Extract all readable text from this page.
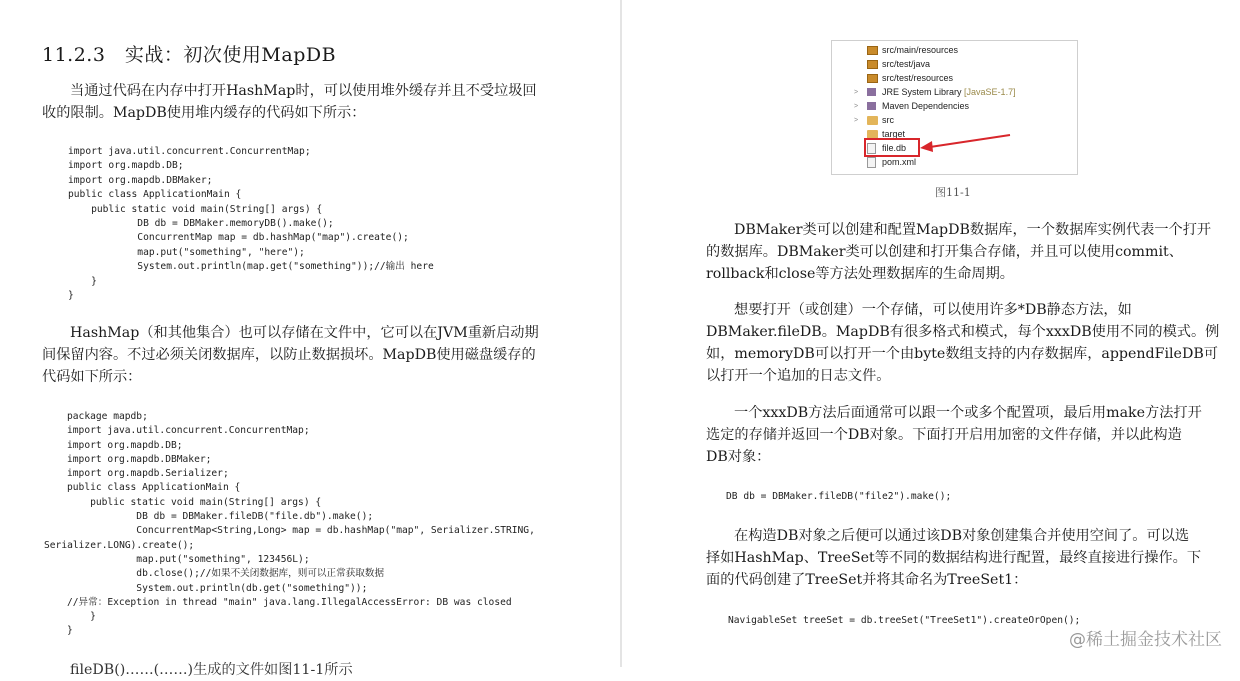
11.2.3　实战：初次使用MapDB
当通过代码在内存中打开HashMap时，可以使用堆外缓存并且不受垃圾回
收的限制。MapDB使用堆内缓存的代码如下所示：
import java.util.concurrent.ConcurrentMap;
import org.mapdb.DB;
import org.mapdb.DBMaker;
public class ApplicationMain {
public static void main(String[] args) {
DB db = DBMaker.memoryDB().make();
ConcurrentMap map = db.hashMap("map").create();
map.put("something", "here");
System.out.println(map.get("something"));//输出 here
}
}
HashMap（和其他集合）也可以存储在文件中，它可以在JVM重新启动期
间保留内容。不过必须关闭数据库，以防止数据损坏。MapDB使用磁盘缓存的
代码如下所示：
package mapdb;
import java.util.concurrent.ConcurrentMap;
import org.mapdb.DB;
import org.mapdb.DBMaker;
import org.mapdb.Serializer;
public class ApplicationMain {
public static void main(String[] args) {
DB db = DBMaker.fileDB("file.db").make();
ConcurrentMap<String,Long> map = db.hashMap("map", Serializer.STRING,
Serializer.LONG).create();
map.put("something", 123456L);
db.close();//如果不关闭数据库，则可以正常获取数据
System.out.println(db.get("something"));
//异常：Exception in thread "main" java.lang.IllegalAccessError: DB was closed
}
}
fileDB()……(……)生成的文件如图11-1所示
src/main/resources
src/test/java
src/test/resources
>	JRE System Library [JavaSE-1.7]
>	Maven Dependencies
>	src
target
file.db
pom.xml
图11-1
DBMaker类可以创建和配置MapDB数据库，一个数据库实例代表一个打开
的数据库。DBMaker类可以创建和打开集合存储，并且可以使用commit、
rollback和close等方法处理数据库的生命周期。
想要打开（或创建）一个存储，可以使用许多*DB静态方法，如
DBMaker.fileDB。MapDB有很多格式和模式，每个xxxDB使用不同的模式。例
如，memoryDB可以打开一个由byte数组支持的内存数据库，appendFileDB可
以打开一个追加的日志文件。
一个xxxDB方法后面通常可以跟一个或多个配置项，最后用make方法打开
选定的存储并返回一个DB对象。下面打开启用加密的文件存储，并以此构造
DB对象：
DB db = DBMaker.fileDB("file2").make();
在构造DB对象之后便可以通过该DB对象创建集合并使用空间了。可以选
择如HashMap、TreeSet等不同的数据结构进行配置，最终直接进行操作。下
面的代码创建了TreeSet并将其命名为TreeSet1：
NavigableSet treeSet = db.treeSet("TreeSet1").createOrOpen();
@稀土掘金技术社区
